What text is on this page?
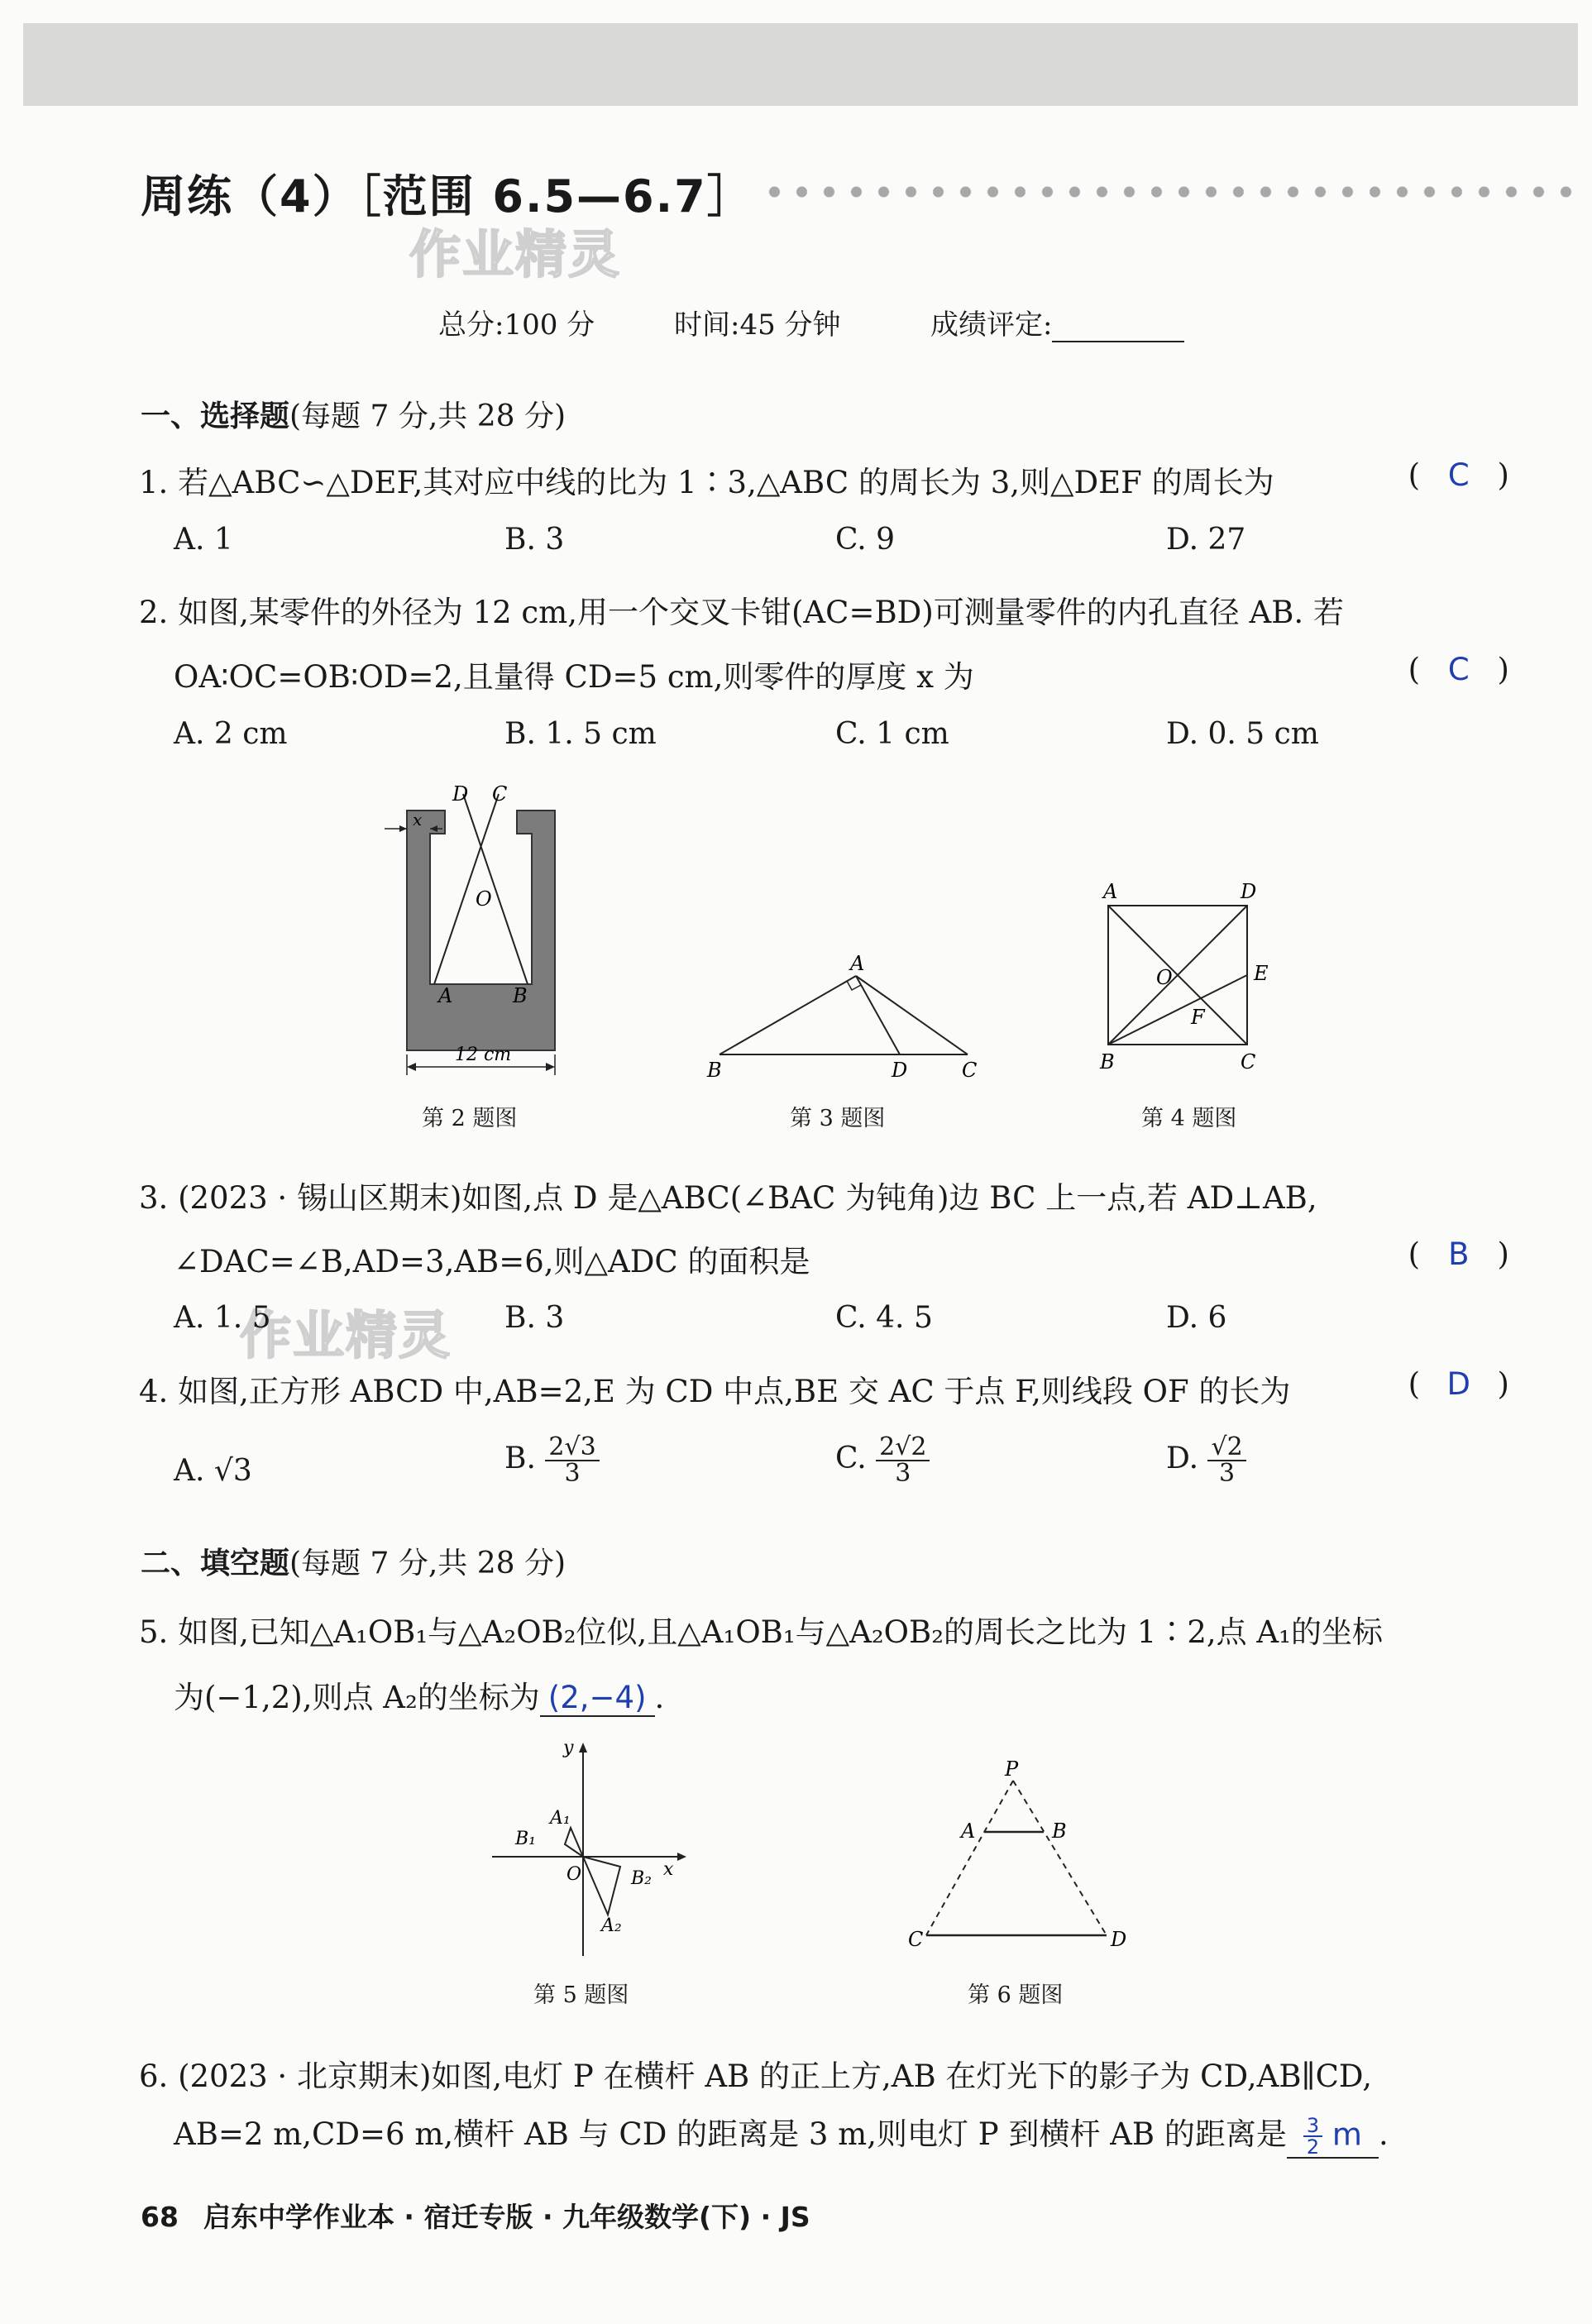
周练（4）［范围 6.5—6.7］
作业精灵
作业精灵
总分:100 分	时间:45 分钟	成绩评定:
一、选择题(每题 7 分,共 28 分)
1. 若△ABC∽△DEF,其对应中线的比为 1∶3,△ABC 的周长为 3,则△DEF 的周长为	( C )
A. 1	B. 3	C. 9	D. 27
2. 如图,某零件的外径为 12 cm,用一个交叉卡钳(AC=BD)可测量零件的内孔直径 AB. 若
OA∶OC=OB∶OD=2,且量得 CD=5 cm,则零件的厚度 x 为	( C )
A. 2 cm	B. 1. 5 cm	C. 1 cm	D. 0. 5 cm
x
D C
O
A	B
12 cm
第 2 题图
A
B	D	C
第 3 题图
A	D
O	E
F
B	C
第 4 题图
3. (2023 · 锡山区期末)如图,点 D 是△ABC(∠BAC 为钝角)边 BC 上一点,若 AD⊥AB,
∠DAC=∠B,AD=3,AB=6,则△ADC 的面积是	( B )
A. 1. 5	B. 3	C. 4. 5	D. 6
4. 如图,正方形 ABCD 中,AB=2,E 为 CD 中点,BE 交 AC 于点 F,则线段 OF 的长为	( D )
A. √3	B. $\frac{2√3}{3}$	C. $\frac{2√2}{3}$	D. $\frac{√2}{3}$
二、填空题(每题 7 分,共 28 分)
5. 如图,已知△A₁OB₁与△A₂OB₂位似,且△A₁OB₁与△A₂OB₂的周长之比为 1∶2,点 A₁的坐标
为(−1,2),则点 A₂的坐标为 (2,−4) .
y
x
O
A₁
B₁
B₂
A₂
第 5 题图
P
A	B
C	D
第 6 题图
6. (2023 · 北京期末)如图,电灯 P 在横杆 AB 的正上方,AB 在灯光下的影子为 CD,AB∥CD,
AB=2 m,CD=6 m,横杆 AB 与 CD 的距离是 3 m,则电灯 P 到横杆 AB 的距离是 $\frac{3}{2}$ m .
68 启东中学作业本 · 宿迁专版 · 九年级数学(下) · JS
